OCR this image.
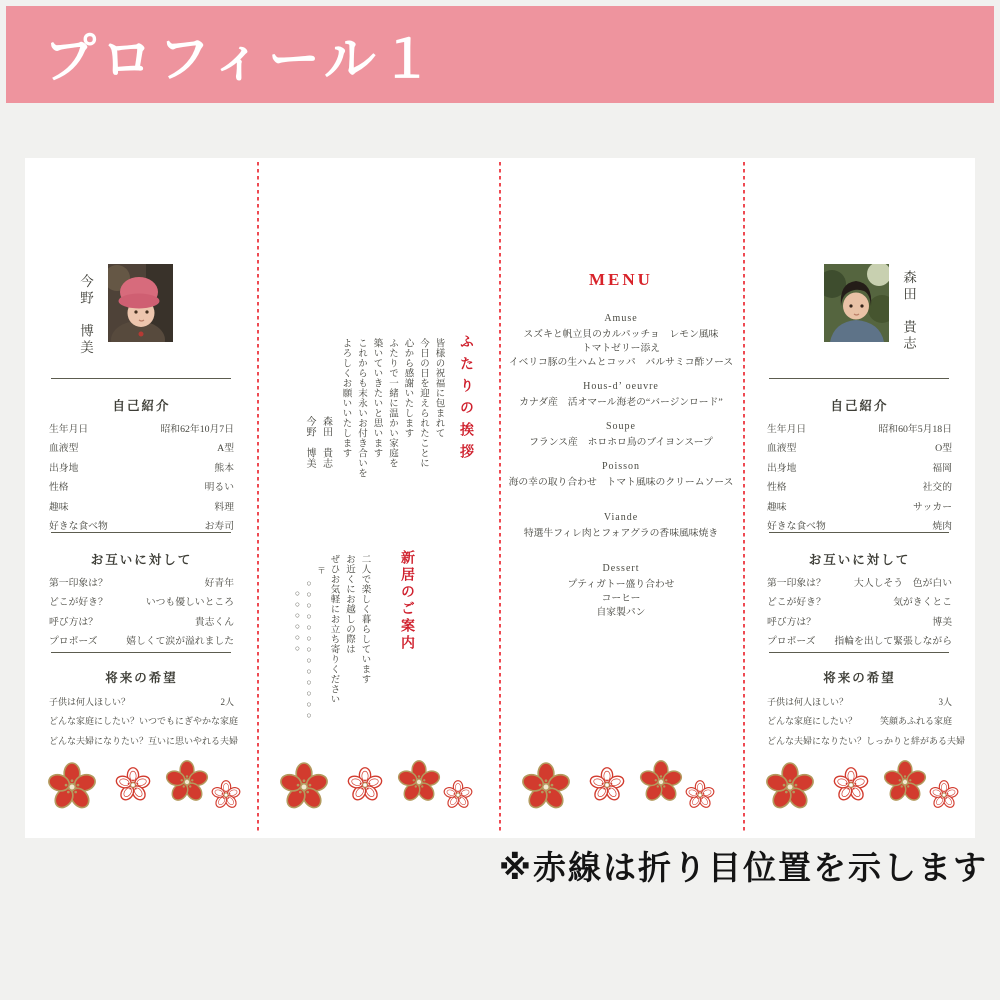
プロフィール１
今野　博美
自己紹介
生年月日	昭和62年10月7日
血液型	A型
出身地	熊本
性格	明るい
趣味	料理
好きな食べ物	お寿司
お互いに対して
第一印象は？	好青年
どこが好き？	いつも優しいところ
呼び方は？	貴志くん
プロポーズ	嬉しくて涙が溢れました
将来の希望
子供は何人ほしい？	2人
どんな家庭にしたい？ いつでもにぎやかな家庭
どんな夫婦になりたい？ 互いに思いやれる夫婦
ふたりの挨拶

皆様の祝福に包まれて

今日の日を迎えられたことに

心から感謝いたします

ふたりで一緒に温かい家庭を

築いていきたいと思います

これからも末永いお付き合いを

よろしくお願いいたします

森田　貴志

今野　博美

新居のご案内

二人で楽しく暮らしています

お近くにお越しの際は

ぜひお気軽にお立ち寄りください

〒

○○○○○○○○○○○○○

○○○○○○

MENU
Amuse
スズキと帆立貝のカルパッチョ　レモン風味
トマトゼリー添え
イベリコ豚の生ハムとコッパ　バルサミコ酢ソース
Hous-d’ oeuvre
カナダ産　活オマール海老の“バージンロード”
Soupe
フランス産　ホロホロ鳥のブイヨンスープ
Poisson
海の幸の取り合わせ　トマト風味のクリームソース
Viande
特選牛フィレ肉とフォアグラの香味風味焼き
Dessert
プティガトー盛り合わせ
コーヒー
自家製パン
森田　貴志
自己紹介
生年月日	昭和60年5月18日
血液型	O型
出身地	福岡
性格	社交的
趣味	サッカー
好きな食べ物	焼肉
お互いに対して
第一印象は？	大人しそう　色が白い
どこが好き？	気がきくとこ
呼び方は？	博美
プロポーズ 指輪を出して緊張しながら
将来の希望
子供は何人ほしい？	3人
どんな家庭にしたい？	笑顔あふれる家庭
どんな夫婦になりたい？ しっかりと絆がある夫婦
※赤線は折り目位置を示します
